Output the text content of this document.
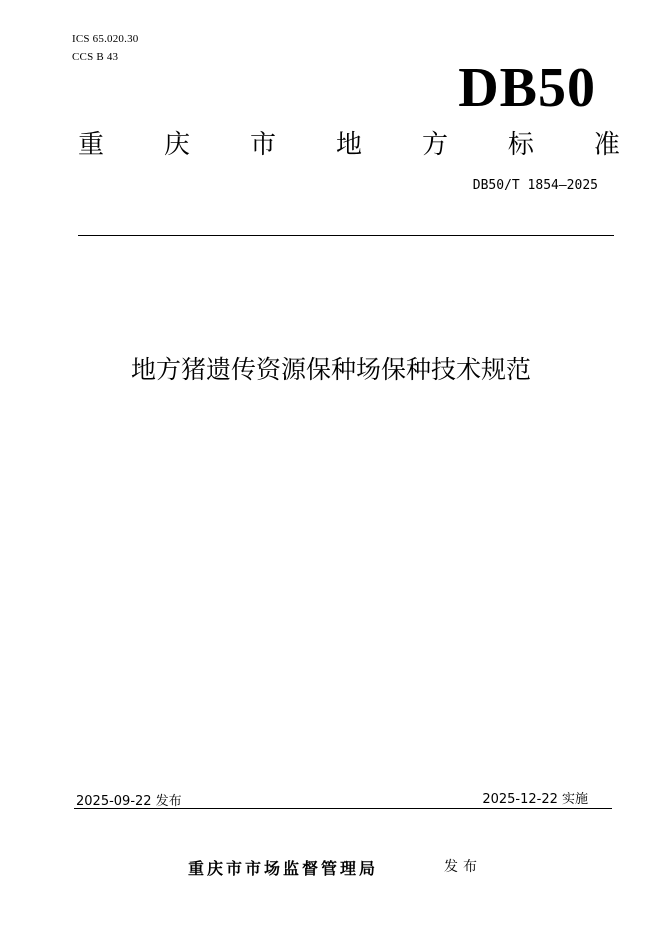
ICS 65.020.30
CCS B 43	DB50
重 庆 市 地 方 标 准
DB50/T 1854—2025
地方猪遗传资源保种场保种技术规范
2025-09-22 发布	2025-12-22 实施
重庆市市场监督管理局	发布
